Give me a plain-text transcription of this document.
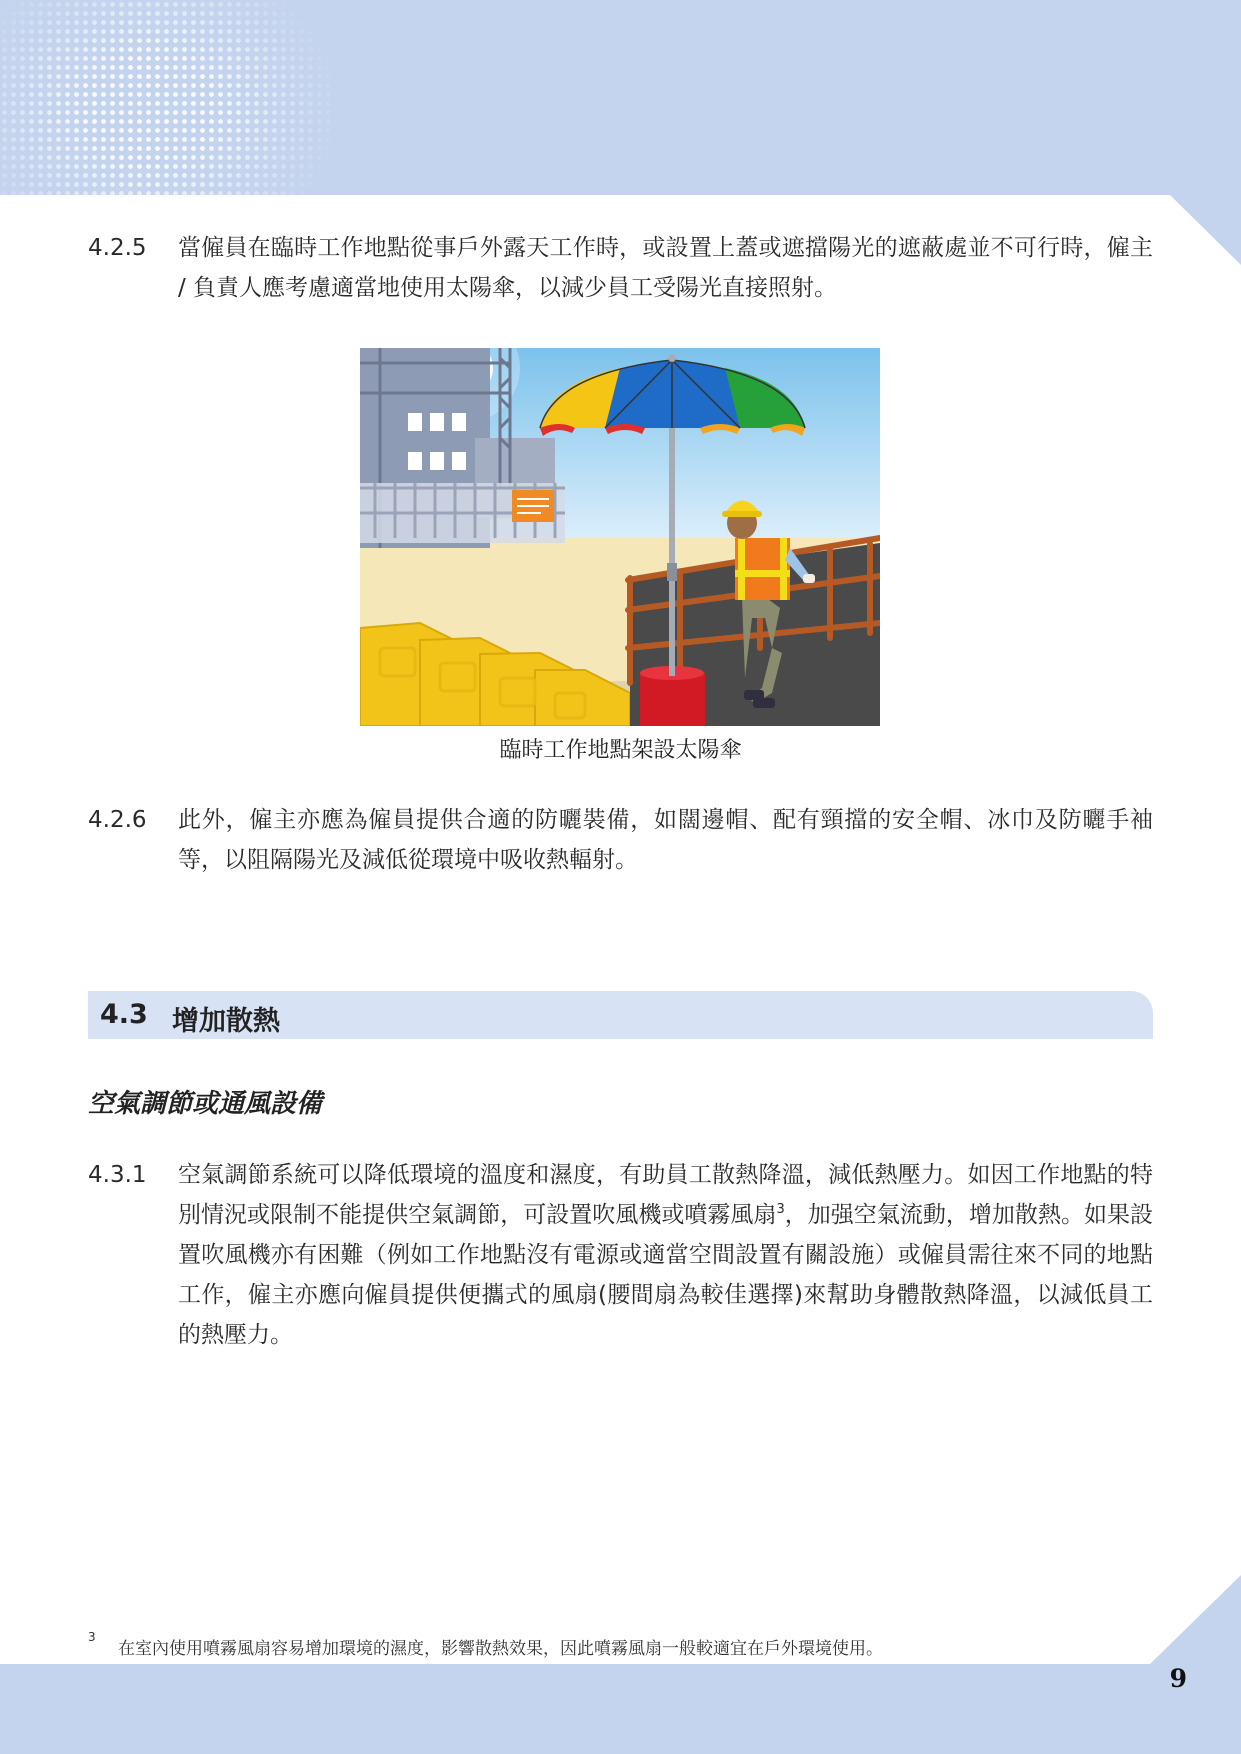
4.2.5 當僱員在臨時工作地點從事戶外露天工作時，或設置上蓋或遮擋陽光的遮蔽處並不可行時，僱主 / 負責人應考慮適當地使用太陽傘，以減少員工受陽光直接照射。
臨時工作地點架設太陽傘
4.2.6 此外，僱主亦應為僱員提供合適的防曬裝備，如闊邊帽、配有頸擋的安全帽、冰巾及防曬手袖等，以阻隔陽光及減低從環境中吸收熱輻射。
4.3 增加散熱
空氣調節或通風設備
4.3.1 空氣調節系統可以降低環境的溫度和濕度，有助員工散熱降溫，減低熱壓力。如因工作地點的特別情況或限制不能提供空氣調節，可設置吹風機或噴霧風扇$^3$，加强空氣流動，增加散熱。如果設置吹風機亦有困難（例如工作地點沒有電源或適當空間設置有關設施）或僱員需往來不同的地點工作，僱主亦應向僱員提供便攜式的風扇(腰間扇為較佳選擇)來幫助身體散熱降溫，以減低員工的熱壓力。
3
在室內使用噴霧風扇容易增加環境的濕度，影響散熱效果，因此噴霧風扇一般較適宜在戶外環境使用。
9
